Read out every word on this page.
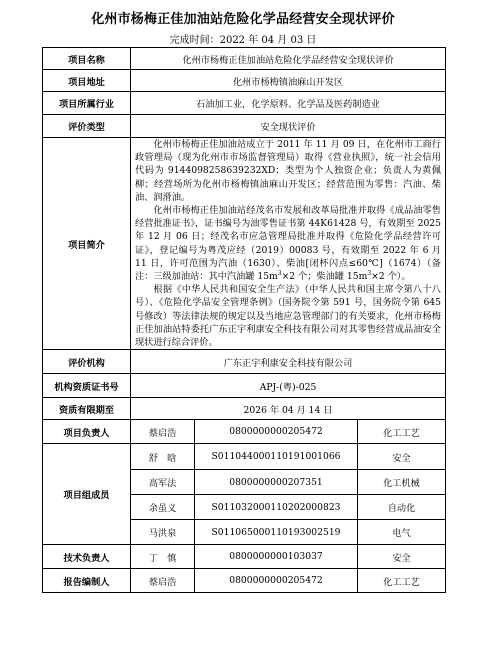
化州市杨梅正佳加油站危险化学品经营安全现状评价
完成时间：2022 年 04 月 03 日
项目名称	化州市杨梅正佳加油站危险化学品经营安全现状评价		
项目地址	化州市杨梅镇油麻山开发区		
项目所属行业	石油加工业，化学原料、化学品及医药制造业		
评价类型	安全现状评价		
项目简介	化州市杨梅正佳加油站成立于 2011 年 11 月 09 日，在化州市工商行政管理局（现为化州市市场监督管理局）取得《营业执照》，统一社会信用代码为 914409825863923​2XD；类型为个人独资企业；负责人为黄佩柳；经营场所为化州市杨梅镇油麻山开发区；经营范围为零售：汽油、柴油、润滑油。

化州市杨梅正佳加油站经茂名市发展和改革局批准并取得《成品油零售经营批准证书》，证书编号为油零售证书第 44K61428 号，有效期至 2025 年 12 月 06 日；经茂名市应急管理局批准并取得《危险化学品经营许可证》，登记编号为粤茂应经（2019）00083 号，有效期至 2022 年 6 月 11 日，许可范围为汽油（1630）、柴油[闭杯闪点≤60℃]（1674）（备注：三级加油站：其中汽油罐 $15m^3\times 2$ 个；柴油罐 $15m^3\times 2$ 个）。

根据《中华人民共和国安全生产法》（中华人民共和国主席令第八十八号）、《危险化学品安全管理条例》（国务院令第 591 号，国务院令第 645 号修改）等法律法规的规定以及当地应急管理部门的有关要求，化州市杨梅正佳加油站特委托广东正宇利康安全科技有限公司对其零售经营成品油安全现状进行综合评价。		

评价机构	广东正宇利康安全科技有限公司		
机构资质证书号	APJ-(粤)-025		
资质有限期至	2026 年 04 月 14 日		
项目负责人	蔡启浩	0800000000205472	化工工艺
项目组成员	舒　晗	S011044000110191001066	安全
	高军法	0800000000207351	化工机械
	余虽义	S011032000110202000823	自动化
	马洪泉	S011065000110193002519	电气
技术负责人	丁　慎	0800000000103037	安全
报告编制人	蔡启浩	0800000000205472	化工工艺
